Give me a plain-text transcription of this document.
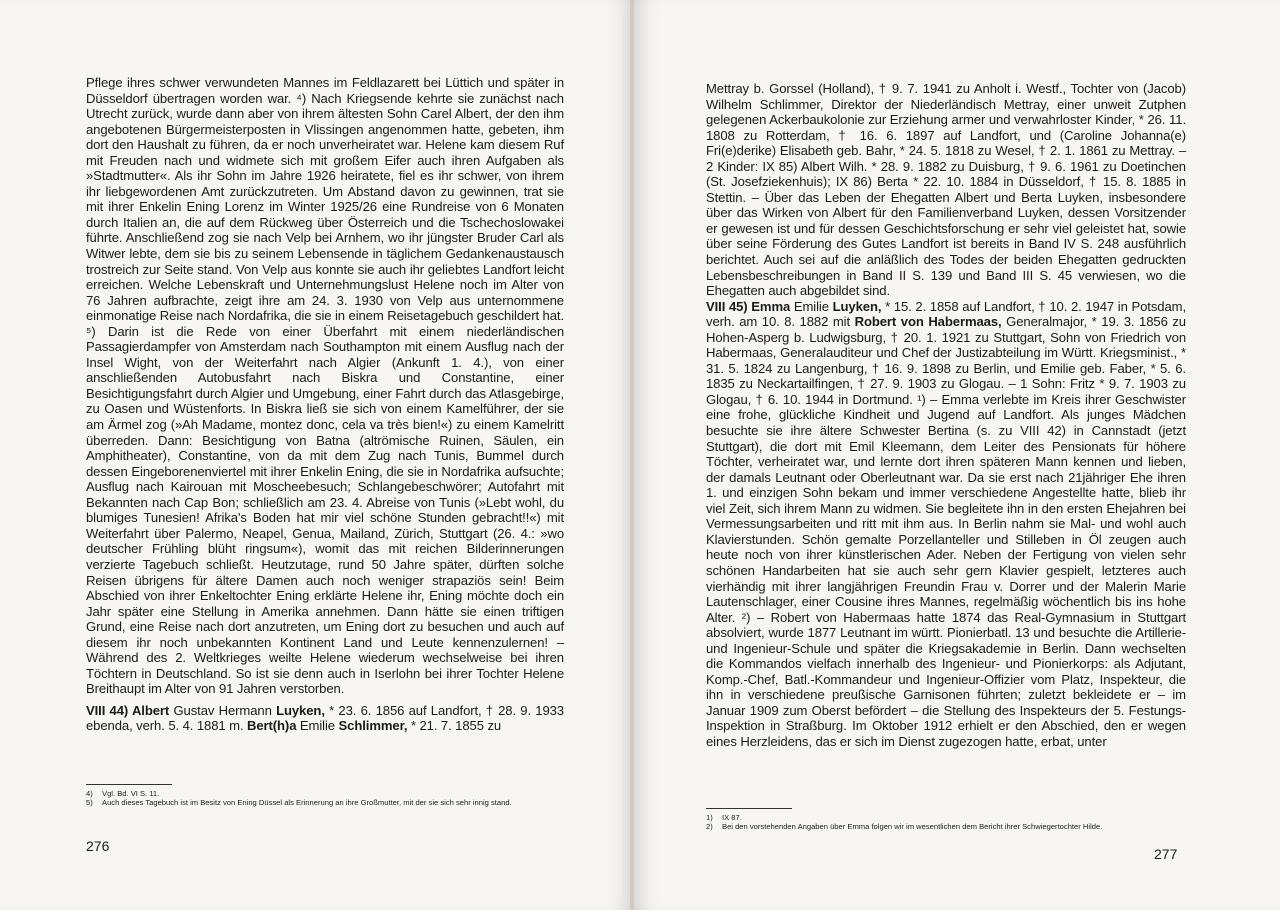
Pflege ihres schwer verwundeten Mannes im Feldlazarett bei Lüttich und später in Düsseldorf übertragen worden war. ⁴) Nach Kriegsende kehrte sie zunächst nach Utrecht zurück, wurde dann aber von ihrem ältesten Sohn Carel Albert, der den ihm angebotenen Bürgermeisterposten in Vlissingen angenommen hatte, gebeten, ihm dort den Haushalt zu führen, da er noch unverheiratet war. Helene kam diesem Ruf mit Freuden nach und widmete sich mit großem Eifer auch ihren Aufgaben als »Stadtmutter«. Als ihr Sohn im Jahre 1926 heiratete, fiel es ihr schwer, von ihrem ihr liebgewordenen Amt zurückzutreten. Um Abstand davon zu gewinnen, trat sie mit ihrer Enkelin Ening Lorenz im Winter 1925/26 eine Rundreise von 6 Monaten durch Italien an, die auf dem Rückweg über Österreich und die Tschechoslowakei führte. Anschließend zog sie nach Velp bei Arnhem, wo ihr jüngster Bruder Carl als Witwer lebte, dem sie bis zu seinem Lebensende in täglichem Gedankenaustausch trostreich zur Seite stand. Von Velp aus konnte sie auch ihr geliebtes Landfort leicht erreichen. Welche Lebenskraft und Unternehmungslust Helene noch im Alter von 76 Jahren aufbrachte, zeigt ihre am 24. 3. 1930 von Velp aus unternommene einmonatige Reise nach Nordafrika, die sie in einem Reisetagebuch geschildert hat. ⁵) Darin ist die Rede von einer Überfahrt mit einem niederländischen Passagierdampfer von Amsterdam nach Southampton mit einem Ausflug nach der Insel Wight, von der Weiterfahrt nach Algier (Ankunft 1. 4.), von einer anschließenden Autobusfahrt nach Biskra und Constantine, einer Besichtigungsfahrt durch Algier und Umgebung, einer Fahrt durch das Atlasgebirge, zu Oasen und Wüstenforts. In Biskra ließ sie sich von einem Kamelführer, der sie am Ärmel zog (»Ah Madame, montez donc, cela va très bien!«) zu einem Kamelritt überreden. Dann: Besichtigung von Batna (altrömische Ruinen, Säulen, ein Amphitheater), Constantine, von da mit dem Zug nach Tunis, Bummel durch dessen Eingeborenenviertel mit ihrer Enkelin Ening, die sie in Nordafrika aufsuchte; Ausflug nach Kairouan mit Moscheebesuch; Schlangebeschwörer; Autofahrt mit Bekannten nach Cap Bon; schließlich am 23. 4. Abreise von Tunis (»Lebt wohl, du blumiges Tunesien! Afrika's Boden hat mir viel schöne Stunden gebracht!!«) mit Weiterfahrt über Palermo, Neapel, Genua, Mailand, Zürich, Stuttgart (26. 4.: »wo deutscher Frühling blüht ringsum«), womit das mit reichen Bilderinnerungen verzierte Tagebuch schließt. Heutzutage, rund 50 Jahre später, dürften solche Reisen übrigens für ältere Damen auch noch weniger strapaziös sein! Beim Abschied von ihrer Enkeltochter Ening erklärte Helene ihr, Ening möchte doch ein Jahr später eine Stellung in Amerika annehmen. Dann hätte sie einen triftigen Grund, eine Reise nach dort anzutreten, um Ening dort zu besuchen und auch auf diesem ihr noch unbekannten Kontinent Land und Leute kennenzulernen! – Während des 2. Weltkrieges weilte Helene wiederum wechselweise bei ihren Töchtern in Deutschland. So ist sie denn auch in Iserlohn bei ihrer Tochter Helene Breithaupt im Alter von 91 Jahren verstorben.

VIII 44) Albert Gustav Hermann Luyken, * 23. 6. 1856 auf Landfort, † 28. 9. 1933 ebenda, verh. 5. 4. 1881 m. Bert(h)a Emilie Schlimmer, * 21. 7. 1855 zu

4)	Vgl. Bd. VI S. 11.
5)	Auch dieses Tagebuch ist im Besitz von Ening Düssel als Erinnerung an ihre Großmutter, mit der sie sich sehr innig stand.
276

Mettray b. Gorssel (Holland), † 9. 7. 1941 zu Anholt i. Westf., Tochter von (Jacob) Wilhelm Schlimmer, Direktor der Niederländisch Mettray, einer unweit Zutphen gelegenen Ackerbaukolonie zur Erziehung armer und verwahrloster Kinder, * 26. 11. 1808 zu Rotterdam, † 16. 6. 1897 auf Landfort, und (Caroline Johanna(e) Fri(e)derike) Elisabeth geb. Bahr, * 24. 5. 1818 zu Wesel, † 2. 1. 1861 zu Mettray. – 2 Kinder: IX 85) Albert Wilh. * 28. 9. 1882 zu Duisburg, † 9. 6. 1961 zu Doetinchen (St. Josefziekenhuis); IX 86) Berta * 22. 10. 1884 in Düsseldorf, † 15. 8. 1885 in Stettin. – Über das Leben der Ehegatten Albert und Berta Luyken, insbesondere über das Wirken von Albert für den Familienverband Luyken, dessen Vorsitzender er gewesen ist und für dessen Geschichtsforschung er sehr viel geleistet hat, sowie über seine Förderung des Gutes Landfort ist bereits in Band IV S. 248 ausführlich berichtet. Auch sei auf die anläßlich des Todes der beiden Ehegatten gedruckten Lebensbeschreibungen in Band II S. 139 und Band III S. 45 verwiesen, wo die Ehegatten auch abgebildet sind.

VIII 45) Emma Emilie Luyken, * 15. 2. 1858 auf Landfort, † 10. 2. 1947 in Potsdam, verh. am 10. 8. 1882 mit Robert von Habermaas, Generalmajor, * 19. 3. 1856 zu Hohen-Asperg b. Ludwigsburg, † 20. 1. 1921 zu Stuttgart, Sohn von Friedrich von Habermaas, Generalauditeur und Chef der Justizabteilung im Württ. Kriegsminist., * 31. 5. 1824 zu Langenburg, † 16. 9. 1898 zu Berlin, und Emilie geb. Faber, * 5. 6. 1835 zu Neckartailfingen, † 27. 9. 1903 zu Glogau. – 1 Sohn: Fritz * 9. 7. 1903 zu Glogau, † 6. 10. 1944 in Dortmund. ¹) – Emma verlebte im Kreis ihrer Geschwister eine frohe, glückliche Kindheit und Jugend auf Landfort. Als junges Mädchen besuchte sie ihre ältere Schwester Bertina (s. zu VIII 42) in Cannstadt (jetzt Stuttgart), die dort mit Emil Kleemann, dem Leiter des Pensionats für höhere Töchter, verheiratet war, und lernte dort ihren späteren Mann kennen und lieben, der damals Leutnant oder Oberleutnant war. Da sie erst nach 21jähriger Ehe ihren 1. und einzigen Sohn bekam und immer verschiedene Angestellte hatte, blieb ihr viel Zeit, sich ihrem Mann zu widmen. Sie begleitete ihn in den ersten Ehejahren bei Vermessungsarbeiten und ritt mit ihm aus. In Berlin nahm sie Mal- und wohl auch Klavierstunden. Schön gemalte Porzellanteller und Stilleben in Öl zeugen auch heute noch von ihrer künstlerischen Ader. Neben der Fertigung von vielen sehr schönen Handarbeiten hat sie auch sehr gern Klavier gespielt, letzteres auch vierhändig mit ihrer langjährigen Freundin Frau v. Dorrer und der Malerin Marie Lautenschlager, einer Cousine ihres Mannes, regelmäßig wöchentlich bis ins hohe Alter. ²) – Robert von Habermaas hatte 1874 das Real-Gymnasium in Stuttgart absolviert, wurde 1877 Leutnant im württ. Pionierbatl. 13 und besuchte die Artillerie- und Ingenieur-Schule und später die Kriegsakademie in Berlin. Dann wechselten die Kommandos vielfach innerhalb des Ingenieur- und Pionierkorps: als Adjutant, Komp.-Chef, Batl.-Kommandeur und Ingenieur-Offizier vom Platz, Inspekteur, die ihn in verschiedene preußische Garnisonen führten; zuletzt bekleidete er – im Januar 1909 zum Oberst befördert – die Stellung des Inspekteurs der 5. Festungs-Inspektion in Straßburg. Im Oktober 1912 erhielt er den Abschied, den er wegen eines Herzleidens, das er sich im Dienst zugezogen hatte, erbat, unter

1)	IX 87.
2)	Bei den vorstehenden Angaben über Emma folgen wir im wesentlichen dem Bericht ihrer Schwiegertochter Hilde.
277
